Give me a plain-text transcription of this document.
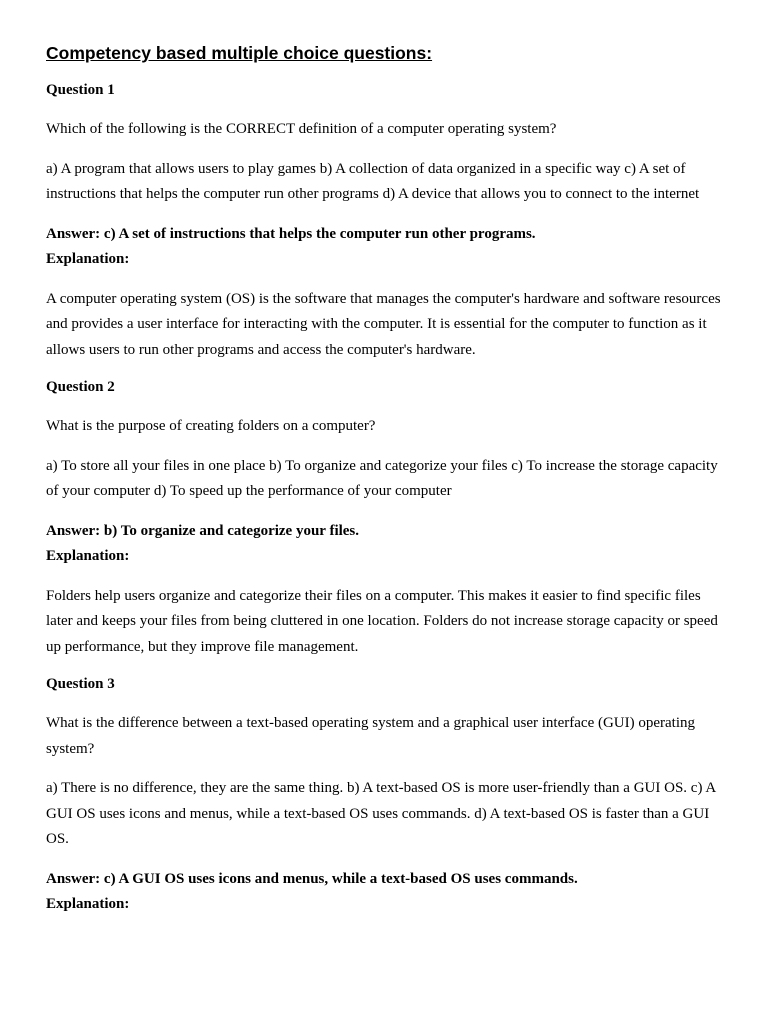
Competency based multiple choice questions:

Question 1

Which of the following is the CORRECT definition of a computer operating system?

a) A program that allows users to play games b) A collection of data organized in a specific way c) A set of instructions that helps the computer run other programs d) A device that allows you to connect to the internet

Answer: c) A set of instructions that helps the computer run other programs.

Explanation:

A computer operating system (OS) is the software that manages the computer's hardware and software resources and provides a user interface for interacting with the computer. It is essential for the computer to function as it allows users to run other programs and access the computer's hardware.

Question 2

What is the purpose of creating folders on a computer?

a) To store all your files in one place b) To organize and categorize your files c) To increase the storage capacity of your computer d) To speed up the performance of your computer

Answer: b) To organize and categorize your files.

Explanation:

Folders help users organize and categorize their files on a computer. This makes it easier to find specific files later and keeps your files from being cluttered in one location. Folders do not increase storage capacity or speed up performance, but they improve file management.

Question 3

What is the difference between a text-based operating system and a graphical user interface (GUI) operating system?

a) There is no difference, they are the same thing. b) A text-based OS is more user-friendly than a GUI OS. c) A GUI OS uses icons and menus, while a text-based OS uses commands. d) A text-based OS is faster than a GUI OS.

Answer: c) A GUI OS uses icons and menus, while a text-based OS uses commands.

Explanation:
